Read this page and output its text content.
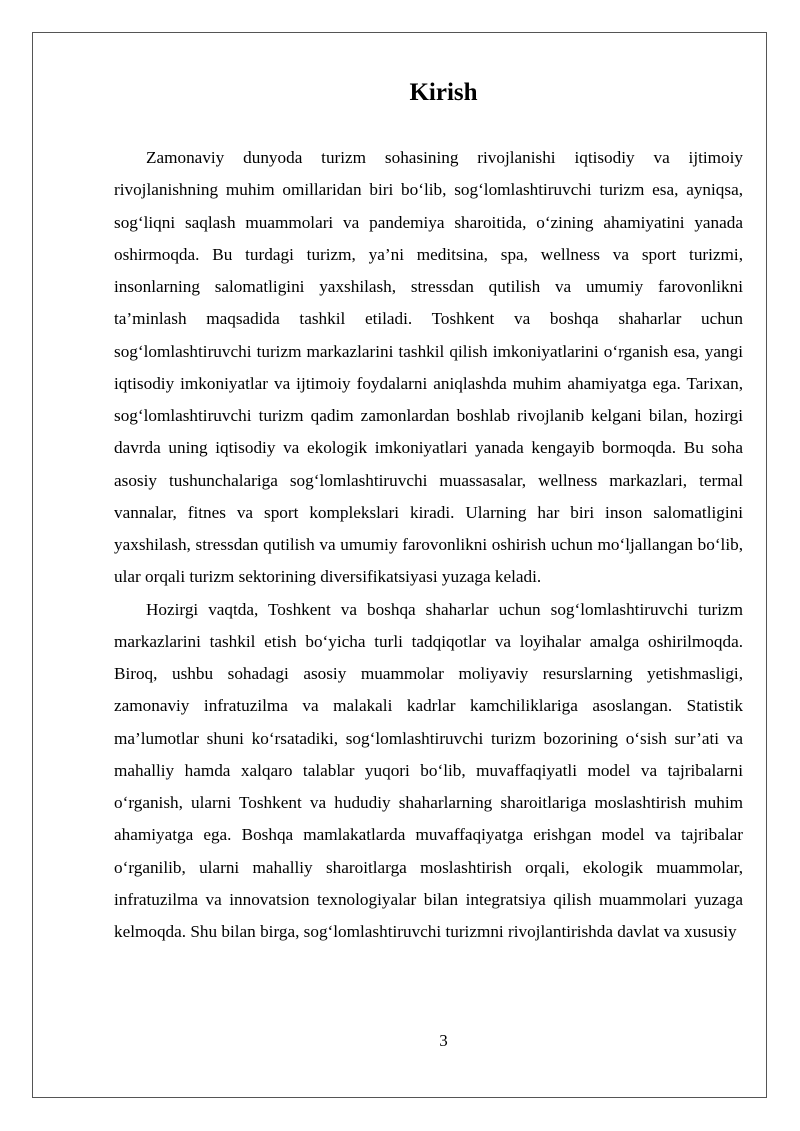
Kirish

Zamonaviy dunyoda turizm sohasining rivojlanishi iqtisodiy va ijtimoiy rivojlanishning muhim omillaridan biri bo‘lib, sog‘lomlashtiruvchi turizm esa, ayniqsa, sog‘liqni saqlash muammolari va pandemiya sharoitida, o‘zining ahamiyatini yanada oshirmoqda. Bu turdagi turizm, ya’ni meditsina, spa, wellness va sport turizmi, insonlarning salomatligini yaxshilash, stressdan qutilish va umumiy farovonlikni ta’minlash maqsadida tashkil etiladi. Toshkent va boshqa shaharlar uchun sog‘lomlashtiruvchi turizm markazlarini tashkil qilish imkoniyatlarini o‘rganish esa, yangi iqtisodiy imkoniyatlar va ijtimoiy foydalarni aniqlashda muhim ahamiyatga ega. Tarixan, sog‘lomlashtiruvchi turizm qadim zamonlardan boshlab rivojlanib kelgani bilan, hozirgi davrda uning iqtisodiy va ekologik imkoniyatlari yanada kengayib bormoqda. Bu soha asosiy tushunchalariga sog‘lomlashtiruvchi muassasalar, wellness markazlari, termal vannalar, fitnes va sport komplekslari kiradi. Ularning har biri inson salomatligini yaxshilash, stressdan qutilish va umumiy farovonlikni oshirish uchun mo‘ljallangan bo‘lib, ular orqali turizm sektorining diversifikatsiyasi yuzaga keladi.

Hozirgi vaqtda, Toshkent va boshqa shaharlar uchun sog‘lomlashtiruvchi turizm markazlarini tashkil etish bo‘yicha turli tadqiqotlar va loyihalar amalga oshirilmoqda. Biroq, ushbu sohadagi asosiy muammolar moliyaviy resurslarning yetishmasligi, zamonaviy infratuzilma va malakali kadrlar kamchiliklariga asoslangan. Statistik ma’lumotlar shuni ko‘rsatadiki, sog‘lomlashtiruvchi turizm bozorining o‘sish sur’ati va mahalliy hamda xalqaro talablar yuqori bo‘lib, muvaffaqiyatli model va tajribalarni o‘rganish, ularni Toshkent va hududiy shaharlarning sharoitlariga moslashtirish muhim ahamiyatga ega. Boshqa mamlakatlarda muvaffaqiyatga erishgan model va tajribalar o‘rganilib, ularni mahalliy sharoitlarga moslashtirish orqali, ekologik muammolar, infratuzilma va innovatsion texnologiyalar bilan integratsiya qilish muammolari yuzaga kelmoqda. Shu bilan birga, sog‘lomlashtiruvchi turizmni rivojlantirishda davlat va xususiy

3
